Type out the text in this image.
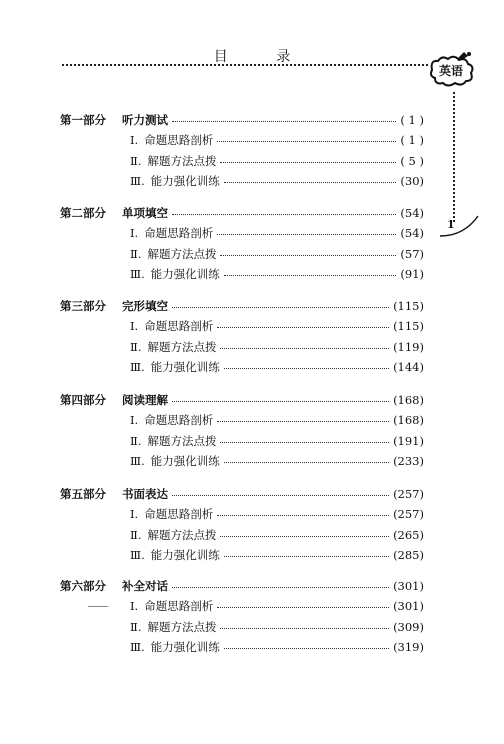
目 录
英语
1
第一部分 听力测试	( 1 )
Ⅰ. 命题思路剖析	( 1 )
Ⅱ. 解题方法点拨	( 5 )
Ⅲ. 能力强化训练	(30)
第二部分 单项填空	(54)
Ⅰ. 命题思路剖析	(54)
Ⅱ. 解题方法点拨	(57)
Ⅲ. 能力强化训练	(91)
第三部分 完形填空	(115)
Ⅰ. 命题思路剖析	(115)
Ⅱ. 解题方法点拨	(119)
Ⅲ. 能力强化训练	(144)
第四部分 阅读理解	(168)
Ⅰ. 命题思路剖析	(168)
Ⅱ. 解题方法点拨	(191)
Ⅲ. 能力强化训练	(233)
第五部分 书面表达	(257)
Ⅰ. 命题思路剖析	(257)
Ⅱ. 解题方法点拨	(265)
Ⅲ. 能力强化训练	(285)
第六部分 补全对话	(301)
Ⅰ. 命题思路剖析	(301)
Ⅱ. 解题方法点拨	(309)
Ⅲ. 能力强化训练	(319)
